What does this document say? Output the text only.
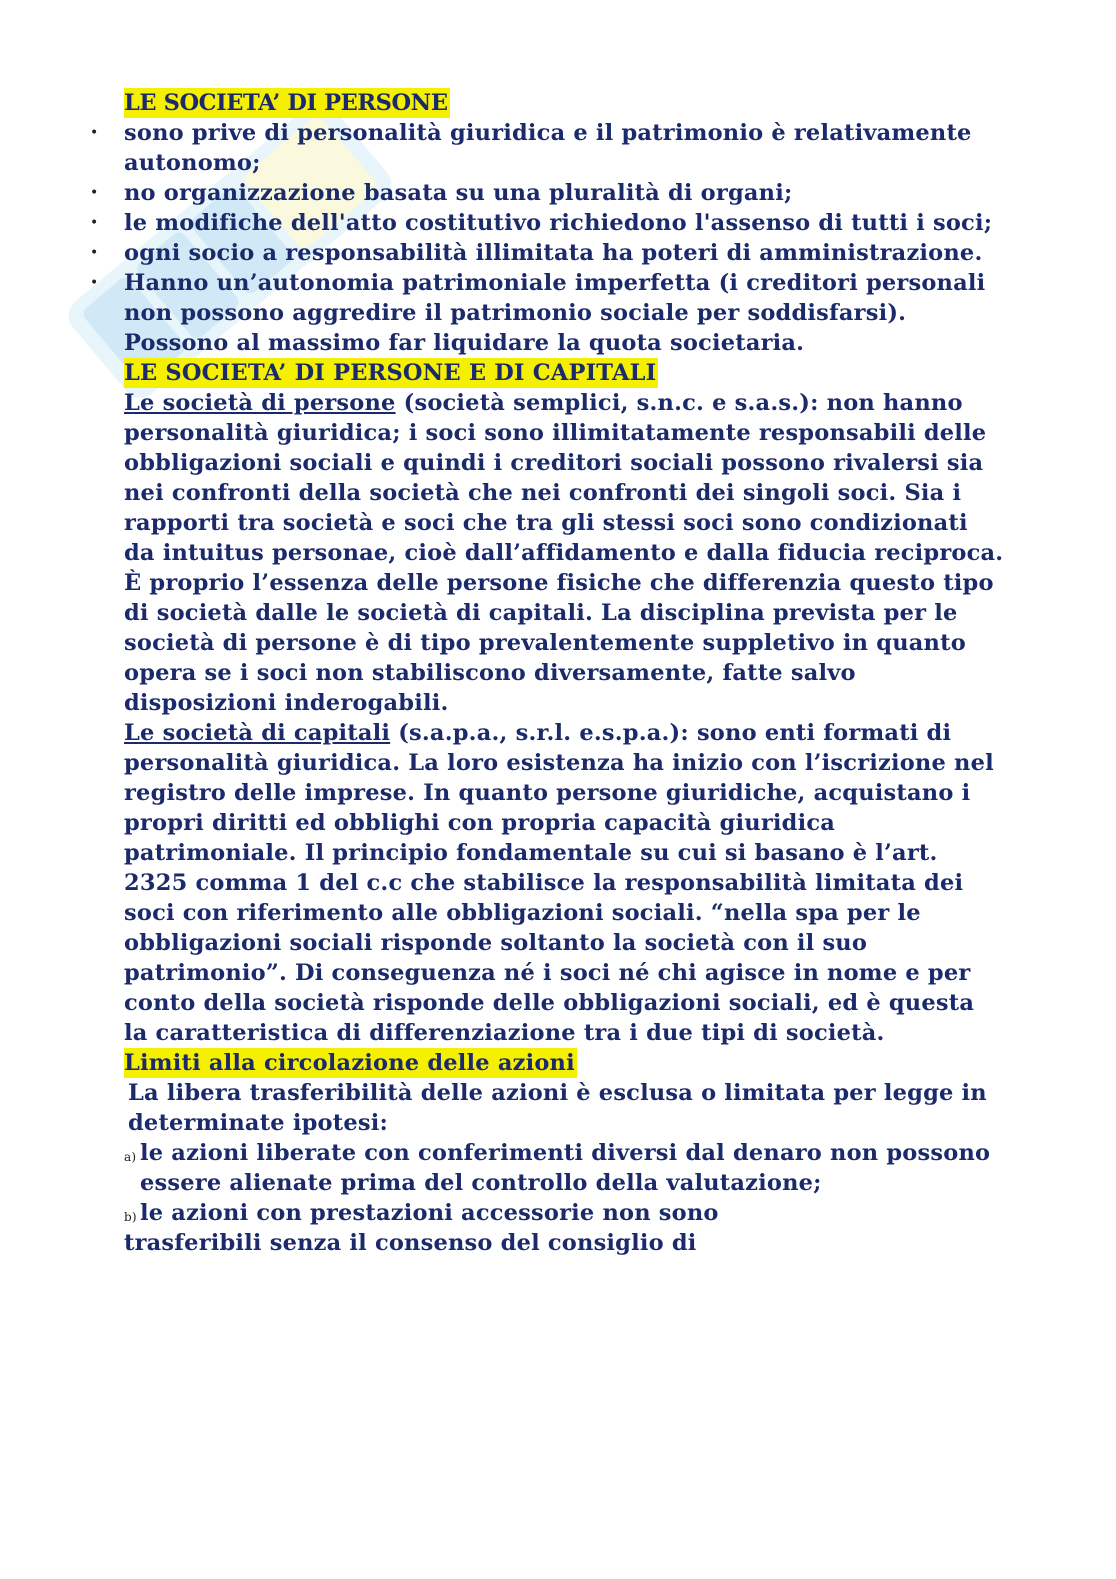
LE SOCIETA’ DI PERSONE
• sono prive di personalità giuridica e il patrimonio è relativamente autonomo;
• no organizzazione basata su una pluralità di organi;
• le modifiche dell'atto costitutivo richiedono l'assenso di tutti i soci;
• ogni socio a responsabilità illimitata ha poteri di amministrazione.
• Hanno un’autonomia patrimoniale imperfetta (i creditori personali non possono aggredire il patrimonio sociale per soddisfarsi). Possono al massimo far liquidare la quota societaria.
LE SOCIETA’ DI PERSONE E DI CAPITALI

Le società di persone (società semplici, s.n.c. e s.a.s.): non hanno personalità giuridica; i soci sono illimitatamente responsabili delle obbligazioni sociali e quindi i creditori sociali possono rivalersi sia nei confronti della società che nei confronti dei singoli soci. Sia i rapporti tra società e soci che tra gli stessi soci sono condizionati da intuitus personae, cioè dall’affidamento e dalla fiducia reciproca. È proprio l’essenza delle persone fisiche che differenzia questo tipo di società dalle le società di capitali. La disciplina prevista per le società di persone è di tipo prevalentemente suppletivo in quanto opera se i soci non stabiliscono diversamente, fatte salvo disposizioni inderogabili.

Le società di capitali (s.a.p.a., s.r.l. e.s.p.a.): sono enti formati di personalità giuridica. La loro esistenza ha inizio con l’iscrizione nel registro delle imprese. In quanto persone giuridiche, acquistano i propri diritti ed obblighi con propria capacità giuridica patrimoniale. Il principio fondamentale su cui si basano è l’art. 2325 comma 1 del c.c che stabilisce la responsabilità limitata dei soci con riferimento alle obbligazioni sociali. “nella spa per le obbligazioni sociali risponde soltanto la società con il suo patrimonio”. Di conseguenza né i soci né chi agisce in nome e per conto della società risponde delle obbligazioni sociali, ed è questa la caratteristica di differenziazione tra i due tipi di società.

Limiti alla circolazione delle azioni

La libera trasferibilità delle azioni è esclusa o limitata per legge in determinate ipotesi:

a) le azioni liberate con conferimenti diversi dal denaro non possono essere alienate prima del controllo della valutazione;
b) le azioni con prestazioni accessorie non sono

trasferibili senza il consenso del consiglio di
